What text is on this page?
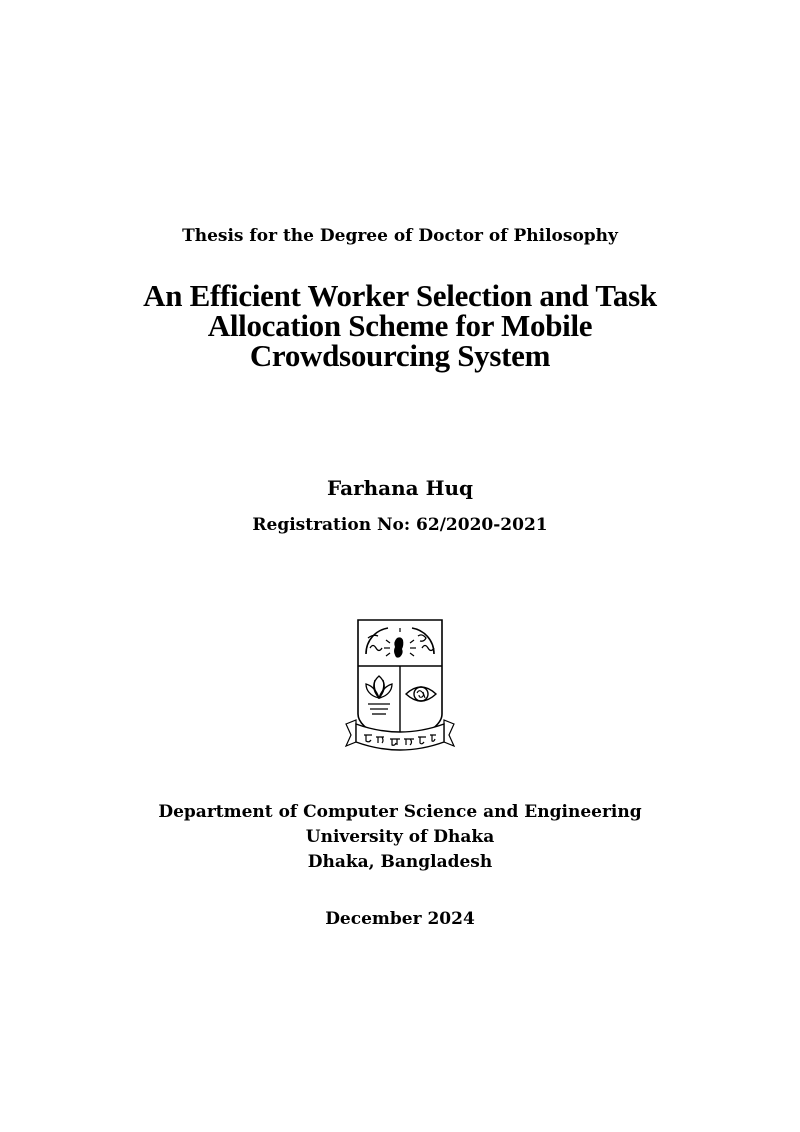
Thesis for the Degree of Doctor of Philosophy
An Efficient Worker Selection and Task
Allocation Scheme for Mobile
Crowdsourcing System
Farhana Huq
Registration No: 62/2020-2021
Department of Computer Science and Engineering
University of Dhaka
Dhaka, Bangladesh
December 2024
